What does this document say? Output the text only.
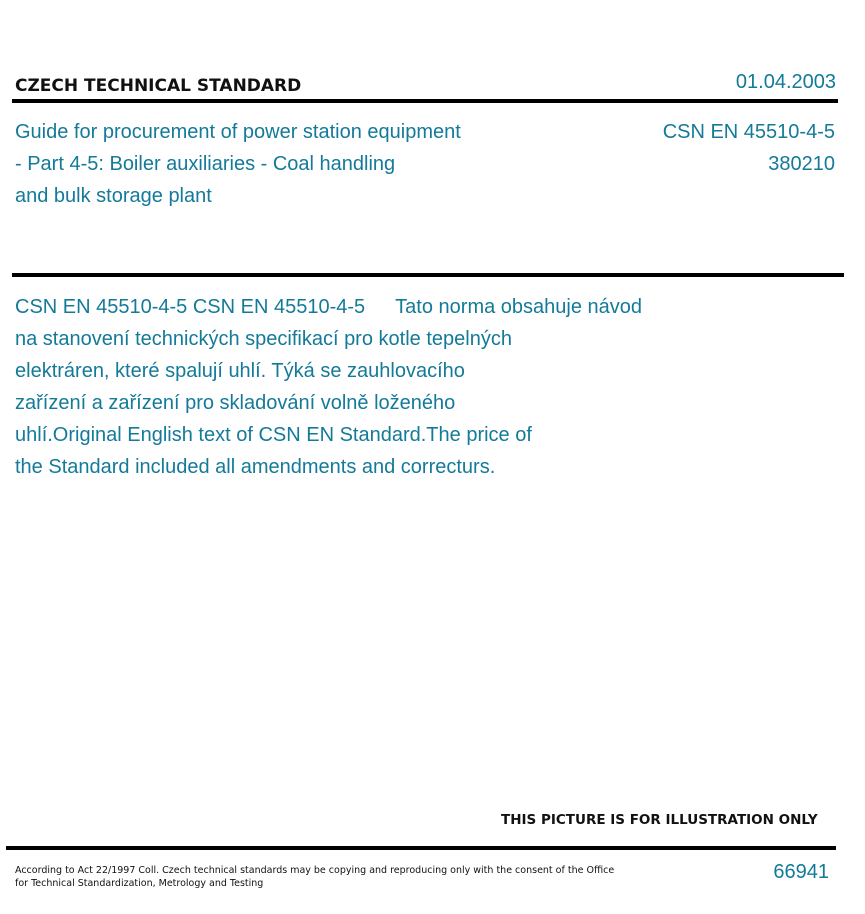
CZECH TECHNICAL STANDARD	01.04.2003
Guide for procurement of power station equipment
- Part 4-5: Boiler auxiliaries - Coal handling
and bulk storage plant
CSN EN 45510-4-5
380210
CSN EN 45510-4-5 CSN EN 45510-4-5 Tato norma obsahuje návod
na stanovení technických specifikací pro kotle tepelných
elektráren, které spalují uhlí. Týká se zauhlovacího
zařízení a zařízení pro skladování volně loženého
uhlí.Original English text of CSN EN Standard.The price of
the Standard included all amendments and correcturs.
THIS PICTURE IS FOR ILLUSTRATION ONLY
According to Act 22/1997 Coll. Czech technical standards may be copying and reproducing only with the consent of the Office
for Technical Standardization, Metrology and Testing
66941
